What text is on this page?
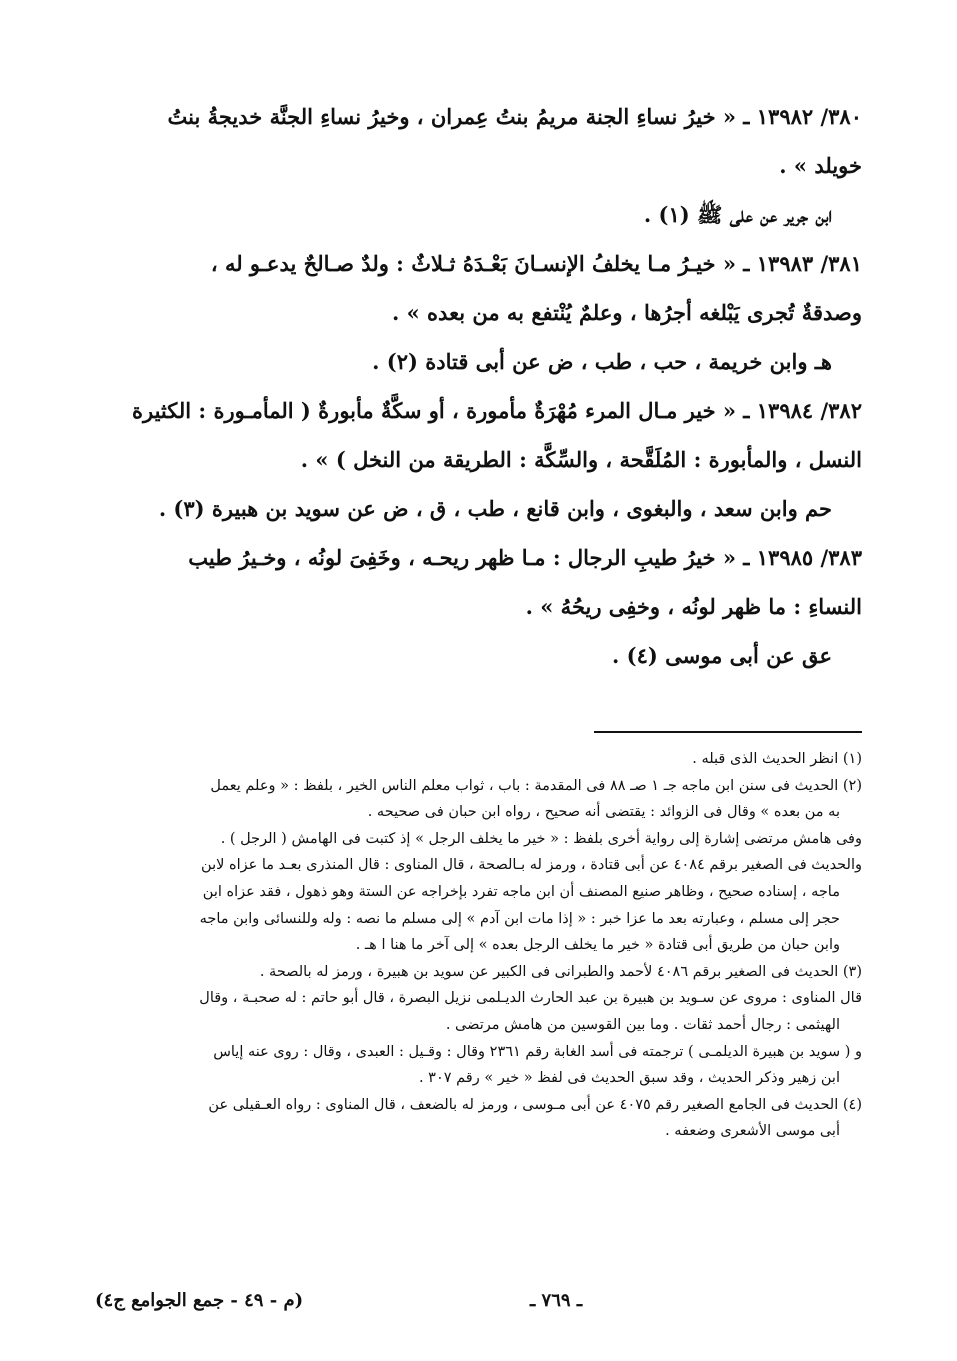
٣٨٠/ ١٣٩٨٢ ـ « خيرُ نساءِ الجنة مريمُ بنتُ عِمران ، وخيرُ نساءِ الجنَّة خديجةُ بنتُ

خويلد » .

ابن جرير عن على ﷺ (١) .

٣٨١/ ١٣٩٨٣ ـ « خيـرُ مـا يخلفُ الإنسـانَ بَعْـدَهُ ثـلاثٌ : ولدٌ صـالحٌ يدعـو له ،

وصدقةٌ تُجرى يَبْلغه أجرُها ، وعلمٌ يُنْتفع به من بعده » .

هـ وابن خريمة ، حب ، طب ، ض عن أبى قتادة (٢) .

٣٨٢/ ١٣٩٨٤ ـ « خير مـال المرء مُهْرَةٌ مأمورة ، أو سكَّةٌ مأبورةٌ ( المأمـورة : الكثيرة

النسل ، والمأبورة : المُلَقَّحة ، والسِّكَّة : الطريقة من النخل ) » .

حم وابن سعد ، والبغوى ، وابن قانع ، طب ، ق ، ض عن سويد بن هبيرة (٣) .

٣٨٣/ ١٣٩٨٥ ـ « خيرُ طيبِ الرجال : مـا ظهر ريحـه ، وخَفِىَ لونُه ، وخـيرُ طيب

النساءِ : ما ظهر لونُه ، وخفِى ريحُهُ » .

عق عن أبى موسى (٤) .

(١) انظر الحديث الذى قبله .

(٢) الحديث فى سنن ابن ماجه جـ ١ صـ ٨٨ فى المقدمة : باب ، ثواب معلم الناس الخير ، بلفظ : « وعلم يعمل

به من بعده » وقال فى الزوائد : يقتضى أنه صحيح ، رواه ابن حبان فى صحيحه .

وفى هامش مرتضى إشارة إلى رواية أخرى بلفظ : « خير ما يخلف الرجل » إذ كتبت فى الهامش ( الرجل ) .

والحديث فى الصغير برقم ٤٠٨٤ عن أبى قتادة ، ورمز له بـالصحة ، قال المناوى : قال المنذرى بعـد ما عزاه لابن

ماجه ، إسناده صحيح ، وظاهر صنيع المصنف أن ابن ماجه تفرد بإخراجه عن الستة وهو ذهول ، فقد عزاه ابن

حجر إلى مسلم ، وعبارته بعد ما عزا خبر : « إذا مات ابن آدم » إلى مسلم ما نصه : وله وللنسائى وابن ماجه

وابن حبان من طريق أبى قتادة « خير ما يخلف الرجل بعده » إلى آخر ما هنا ا هـ .

(٣) الحديث فى الصغير برقم ٤٠٨٦ لأحمد والطبرانى فى الكبير عن سويد بن هبيرة ، ورمز له بالصحة .

قال المناوى : مروى عن سـويد بن هبيرة بن عبد الحارث الديـلمى نزيل البصرة ، قال أبو حاتم : له صحبـة ، وقال

الهيثمى : رجال أحمد ثقات . وما بين القوسين من هامش مرتضى .

و ( سويد بن هبيرة الديلمـى ) ترجمته فى أسد الغابة رقم ٢٣٦١ وقال : وقـيل : العبدى ، وقال : روى عنه إياس

ابن زهير وذكر الحديث ، وقد سبق الحديث فى لفظ « خير » رقم ٣٠٧ .

(٤) الحديث فى الجامع الصغير رقم ٤٠٧٥ عن أبى مـوسى ، ورمز له بالضعف ، قال المناوى : رواه العـقيلى عن

أبى موسى الأشعرى وضعفه .

(م - ٤٩ - جمع الجوامع ج٤)	ـ ٧٦٩ ـ
